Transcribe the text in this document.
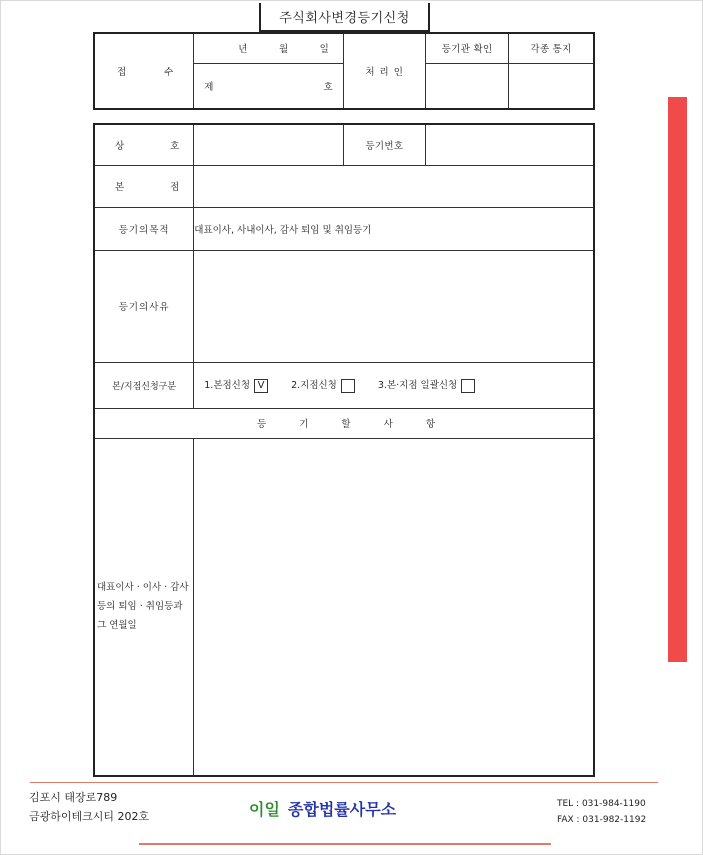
주식회사변경등기신청
접 수	년 월 일	처 리 인	등기관 확인	각종 통지

	제 호			

상 호		등기번호	

본 점			

등기의목적	대표이사, 사내이사, 감사 퇴임 및 취임등기		
등기의사유			
본/지점신청구분	1.본점신청 V 2.지점신청 3.본·지점 일괄신청		

등 기 할 사 항			

대표이사 · 이사 · 감사 등의 퇴임 · 취임등과 그 연월일			
김포시 태장로789
금광하이테크시티 202호	이일 종합법률사무소	TEL : 031-984-1190
FAX : 031-982-1192
